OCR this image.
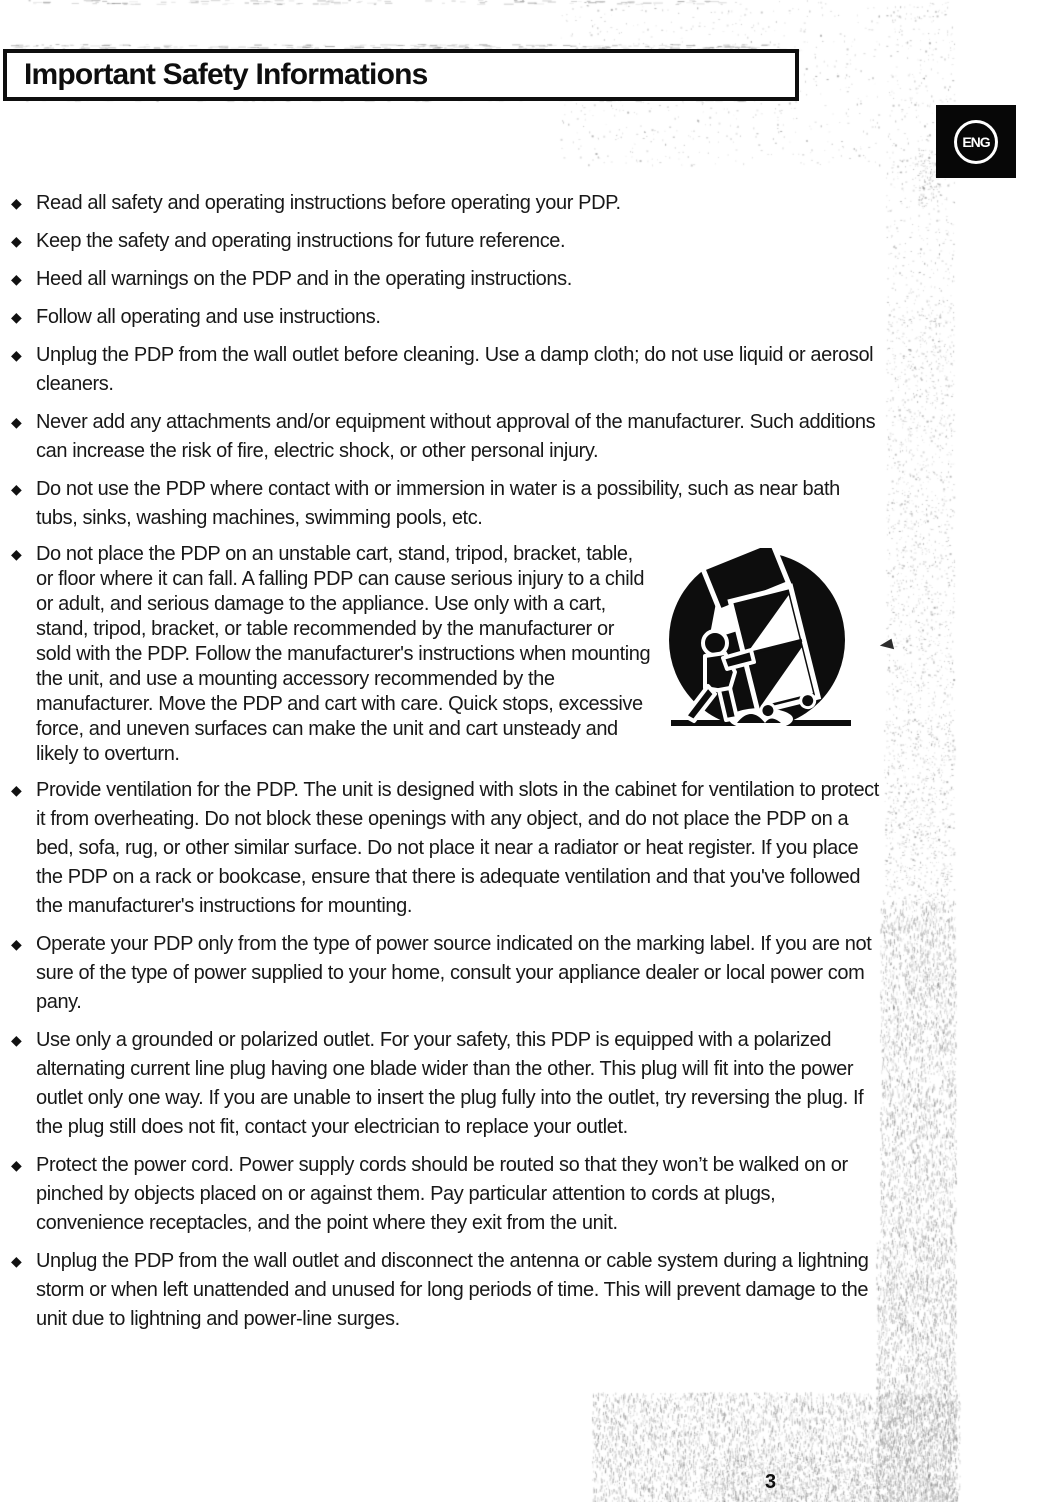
Important Safety Informations
ENG
◆ Read all safety and operating instructions before operating your PDP.

◆ Keep the safety and operating instructions for future reference.

◆ Heed all warnings on the PDP and in the operating instructions.

◆ Follow all operating and use instructions.

◆ Unplug the PDP from the wall outlet before cleaning. Use a damp cloth; do not use liquid or aerosol cleaners.

◆ Never add any attachments and/or equipment without approval of the manufacturer. Such additions can increase the risk of fire, electric shock, or other personal injury.

◆ Do not use the PDP where contact with or immersion in water is a possibility, such as near bath tubs, sinks, washing machines, swimming pools, etc.

◆ Do not place the PDP on an unstable cart, stand, tripod, bracket, table, or floor where it can fall. A falling PDP can cause serious injury to a child or adult, and serious damage to the appliance. Use only with a cart, stand, tripod, bracket, or table recommended by the manufacturer or sold with the PDP. Follow the manufacturer's instructions when mounting the unit, and use a mounting accessory recommended by the manufacturer. Move the PDP and cart with care. Quick stops, excessive force, and uneven surfaces can make the unit and cart unsteady and likely to overturn.

◆ Provide ventilation for the PDP. The unit is designed with slots in the cabinet for ventilation to protect it from overheating. Do not block these openings with any object, and do not place the PDP on a bed, sofa, rug, or other similar surface. Do not place it near a radiator or heat register. If you place the PDP on a rack or bookcase, ensure that there is adequate ventilation and that you've followed the manufacturer's instructions for mounting.

◆ Operate your PDP only from the type of power source indicated on the marking label. If you are not sure of the type of power supplied to your home, consult your appliance dealer or local power com pany.

◆ Use only a grounded or polarized outlet. For your safety, this PDP is equipped with a polarized alternating current line plug having one blade wider than the other. This plug will fit into the power outlet only one way. If you are unable to insert the plug fully into the outlet, try reversing the plug. If the plug still does not fit, contact your electrician to replace your outlet.

◆ Protect the power cord. Power supply cords should be routed so that they won’t be walked on or pinched by objects placed on or against them. Pay particular attention to cords at plugs, convenience receptacles, and the point where they exit from the unit.

◆ Unplug the PDP from the wall outlet and disconnect the antenna or cable system during a lightning storm or when left unattended and unused for long periods of time. This will prevent damage to the unit due to lightning and power-line surges.

3
